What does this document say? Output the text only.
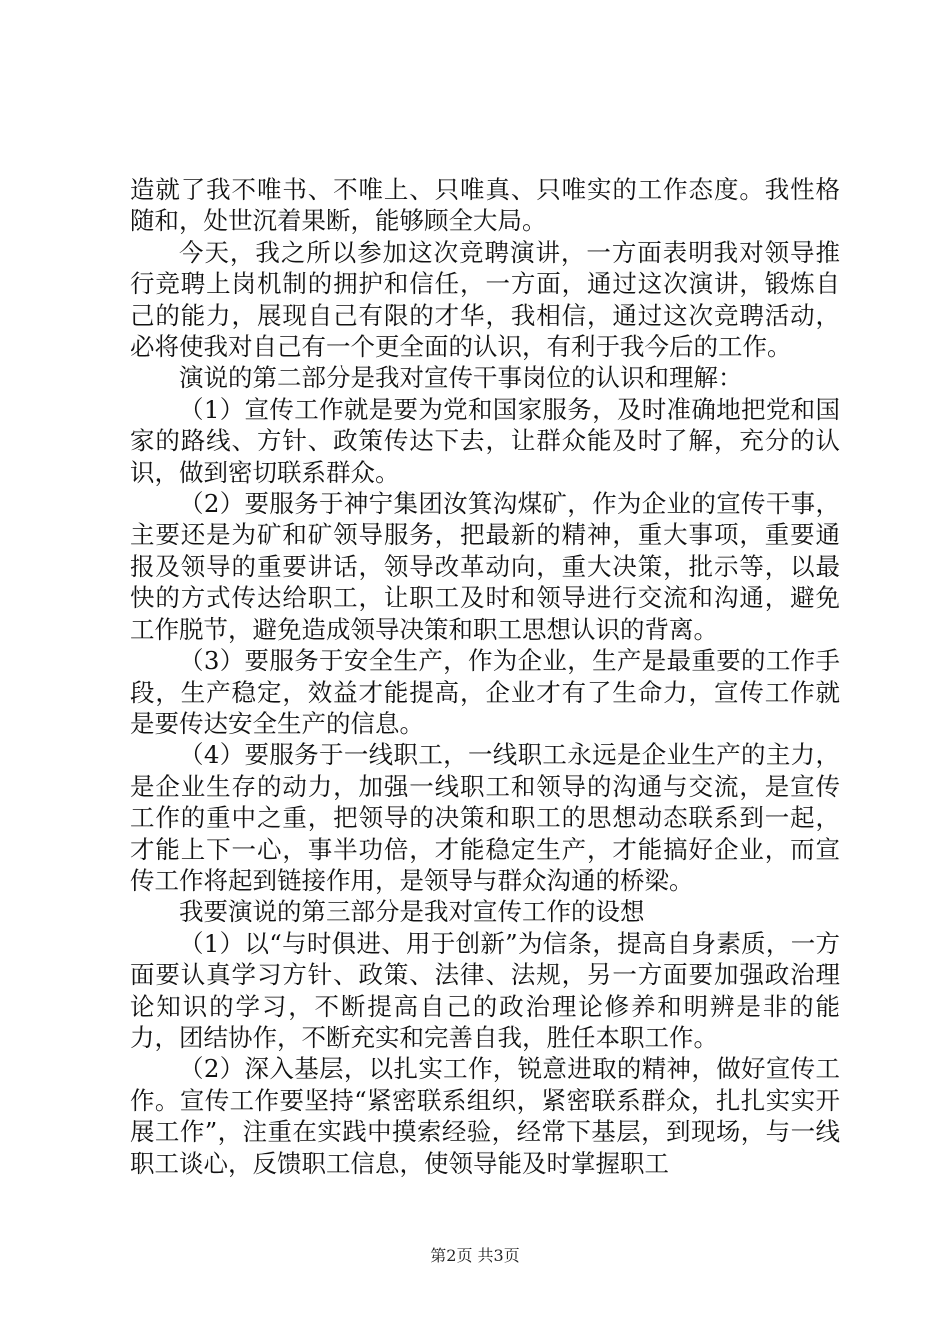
造就了我不唯书、不唯上、只唯真、只唯实的工作态度。我性格随和，处世沉着果断，能够顾全大局。

今天，我之所以参加这次竞聘演讲，一方面表明我对领导推行竞聘上岗机制的拥护和信任，一方面，通过这次演讲，锻炼自己的能力，展现自己有限的才华，我相信，通过这次竞聘活动，必将使我对自己有一个更全面的认识，有利于我今后的工作。

演说的第二部分是我对宣传干事岗位的认识和理解：

（1）宣传工作就是要为党和国家服务，及时准确地把党和国家的路线、方针、政策传达下去，让群众能及时了解，充分的认识，做到密切联系群众。

（2）要服务于神宁集团汝箕沟煤矿，作为企业的宣传干事，主要还是为矿和矿领导服务，把最新的精神，重大事项，重要通报及领导的重要讲话，领导改革动向，重大决策，批示等，以最快的方式传达给职工，让职工及时和领导进行交流和沟通，避免工作脱节，避免造成领导决策和职工思想认识的背离。

（3）要服务于安全生产，作为企业，生产是最重要的工作手段，生产稳定，效益才能提高，企业才有了生命力，宣传工作就是要传达安全生产的信息。

（4）要服务于一线职工，一线职工永远是企业生产的主力，是企业生存的动力，加强一线职工和领导的沟通与交流，是宣传工作的重中之重，把领导的决策和职工的思想动态联系到一起，才能上下一心，事半功倍，才能稳定生产，才能搞好企业，而宣传工作将起到链接作用，是领导与群众沟通的桥梁。

我要演说的第三部分是我对宣传工作的设想

（1）以“与时俱进、用于创新”为信条，提高自身素质，一方面要认真学习方针、政策、法律、法规，另一方面要加强政治理论知识的学习，不断提高自己的政治理论修养和明辨是非的能力，团结协作，不断充实和完善自我，胜任本职工作。

（2）深入基层，以扎实工作，锐意进取的精神，做好宣传工作。宣传工作要坚持“紧密联系组织，紧密联系群众，扎扎实实开展工作”，注重在实践中摸索经验，经常下基层，到现场，与一线职工谈心，反馈职工信息，使领导能及时掌握职工

第2页 共3页
